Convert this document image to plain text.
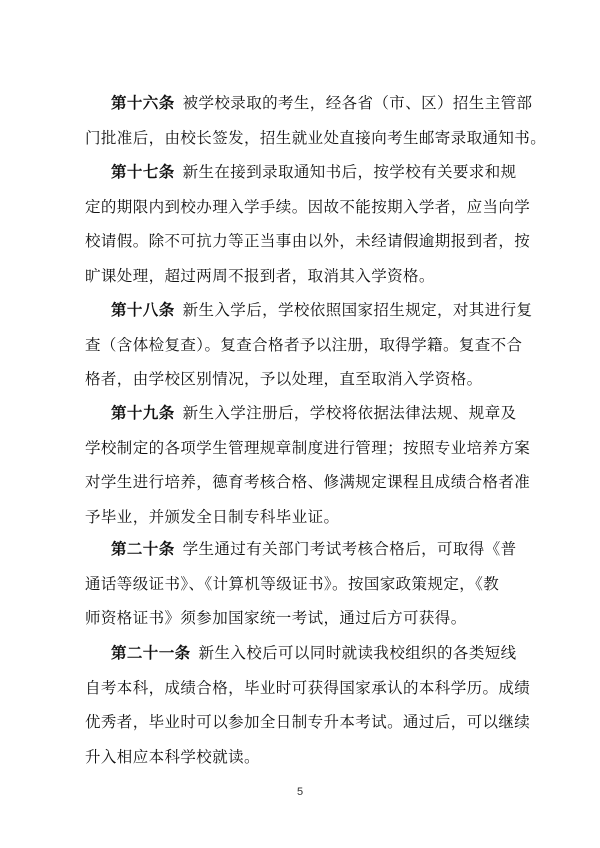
第十六条 被学校录取的考生，经各省（市、区）招生主管部
门批准后，由校长签发，招生就业处直接向考生邮寄录取通知书。
第十七条 新生在接到录取通知书后，按学校有关要求和规
定的期限内到校办理入学手续。因故不能按期入学者，应当向学
校请假。除不可抗力等正当事由以外，未经请假逾期报到者，按
旷课处理，超过两周不报到者，取消其入学资格。
第十八条 新生入学后，学校依照国家招生规定，对其进行复
查（含体检复查）。复查合格者予以注册，取得学籍。复查不合
格者，由学校区别情况，予以处理，直至取消入学资格。
第十九条 新生入学注册后，学校将依据法律法规、规章及
学校制定的各项学生管理规章制度进行管理；按照专业培养方案
对学生进行培养，德育考核合格、修满规定课程且成绩合格者准
予毕业，并颁发全日制专科毕业证。
第二十条 学生通过有关部门考试考核合格后，可取得《普
通话等级证书》、《计算机等级证书》。按国家政策规定，《教
师资格证书》须参加国家统一考试，通过后方可获得。
第二十一条 新生入校后可以同时就读我校组织的各类短线
自考本科，成绩合格，毕业时可获得国家承认的本科学历。成绩
优秀者，毕业时可以参加全日制专升本考试。通过后，可以继续
升入相应本科学校就读。
5
